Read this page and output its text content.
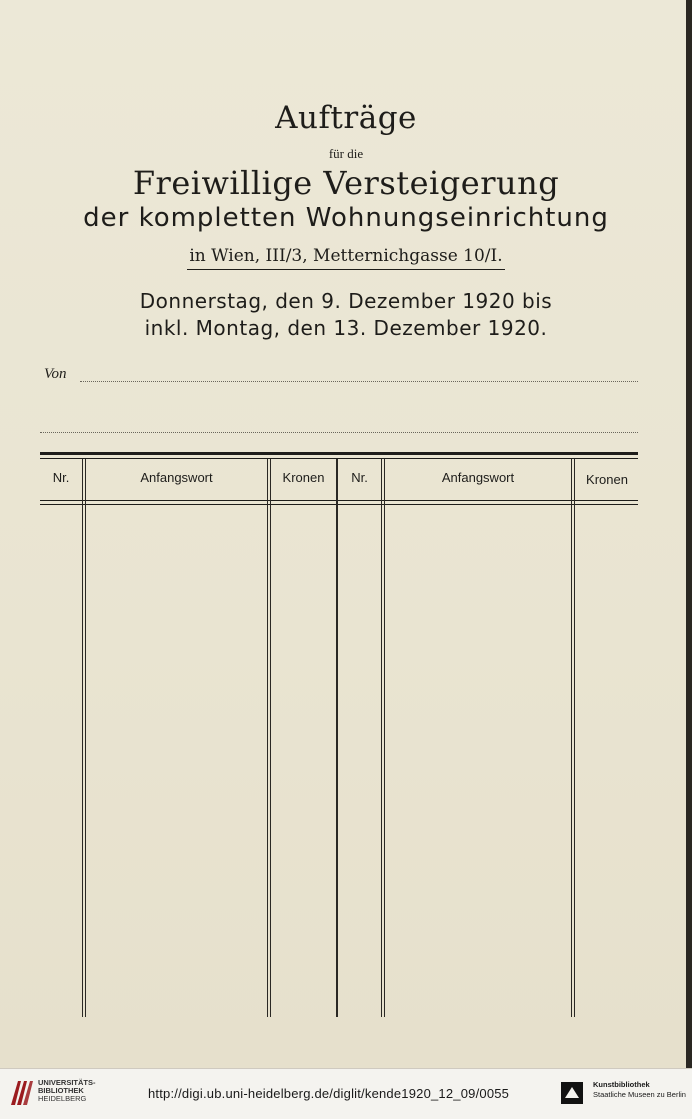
Aufträge
für die
Freiwillige Versteigerung
der kompletten Wohnungseinrichtung
in Wien, III/3, Metternichgasse 10/I.
Donnerstag, den 9. Dezember 1920 bis
inkl. Montag, den 13. Dezember 1920.
Von
Nr.	Anfangswort	Kronen	Nr.	Anfangswort	Kronen
UNIVERSITÄTS-
BIBLIOTHEK
HEIDELBERG	http://digi.ub.uni-heidelberg.de/diglit/kende1920_12_09/0055
Kunstbibliothek
Staatliche Museen zu Berlin
